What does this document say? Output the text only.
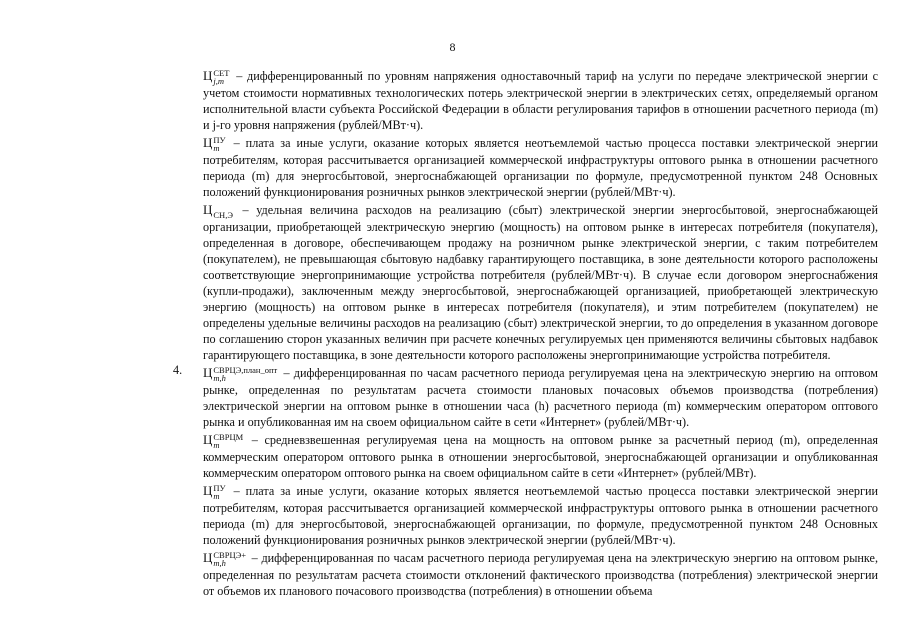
8
4.

Ц СЕТ
j,m – дифференцированный по уровням напряжения одноставочный тариф на услуги по передаче электрической энергии с учетом стоимости нормативных технологических потерь электрической энергии в электрических сетях, определяемый органом исполнительной власти субъекта Российской Федерации в области регулирования тарифов в отношении расчетного периода (m) и j-го уровня напряжения (рублей/МВт·ч).

Ц ПУ
m – плата за иные услуги, оказание которых является неотъемлемой частью процесса поставки электрической энергии потребителям, которая рассчитывается организацией коммерческой инфраструктуры оптового рынка в отношении расчетного периода (m) для энергосбытовой, энергоснабжающей организации по формуле, предусмотренной пунктом 248 Основных положений функционирования розничных рынков электрической энергии (рублей/МВт·ч).

Ц СН,Э – удельная величина расходов на реализацию (сбыт) электрической энергии энергосбытовой, энергоснабжающей организации, приобретающей электрическую энергию (мощность) на оптовом рынке в интересах потребителя (покупателя), определенная в договоре, обеспечивающем продажу на розничном рынке электрической энергии, с таким потребителем (покупателем), не превышающая сбытовую надбавку гарантирующего поставщика, в зоне деятельности которого расположены соответствующие энергопринимающие устройства потребителя (рублей/МВт·ч). В случае если договором энергоснабжения (купли-продажи), заключенным между энергосбытовой, энергоснабжающей организацией, приобретающей электрическую энергию (мощность) на оптовом рынке в интересах потребителя (покупателя), и этим потребителем (покупателем) не определены удельные величины расходов на реализацию (сбыт) электрической энергии, то до определения в указанном договоре по соглашению сторон указанных величин при расчете конечных регулируемых цен применяются величины сбытовых надбавок гарантирующего поставщика, в зоне деятельности которого расположены энергопринимающие устройства потребителя.

Ц СВРЦЭ,план_опт
m,h	– дифференцированная по часам расчетного периода регулируемая цена на электрическую энергию на оптовом рынке, определенная по результатам расчета стоимости плановых почасовых объемов производства (потребления) электрической энергии на оптовом рынке в отношении часа (h) расчетного периода (m) коммерческим оператором оптового рынка и опубликованная им на своем официальном сайте в сети «Интернет» (рублей/МВт·ч).

Ц СВРЦМ
m	– средневзвешенная регулируемая цена на мощность на оптовом рынке за расчетный период (m), определенная коммерческим оператором оптового рынка в отношении энергосбытовой, энергоснабжающей организации и опубликованная коммерческим оператором оптового рынка на своем официальном сайте в сети «Интернет» (рублей/МВт).

Ц ПУ
m – плата за иные услуги, оказание которых является неотъемлемой частью процесса поставки электрической энергии потребителям, которая рассчитывается организацией коммерческой инфраструктуры оптового рынка в отношении расчетного периода (m) для энергосбытовой, энергоснабжающей организации, по формуле, предусмотренной пунктом 248 Основных положений функционирования розничных рынков электрической энергии (рублей/МВт·ч).

Ц СВРЦЭ+
m,h	– дифференцированная по часам расчетного периода регулируемая цена на электрическую энергию на оптовом рынке, определенная по результатам расчета стоимости отклонений фактического производства (потребления) электрической энергии от объемов их планового почасового производства (потребления) в отношении объема
